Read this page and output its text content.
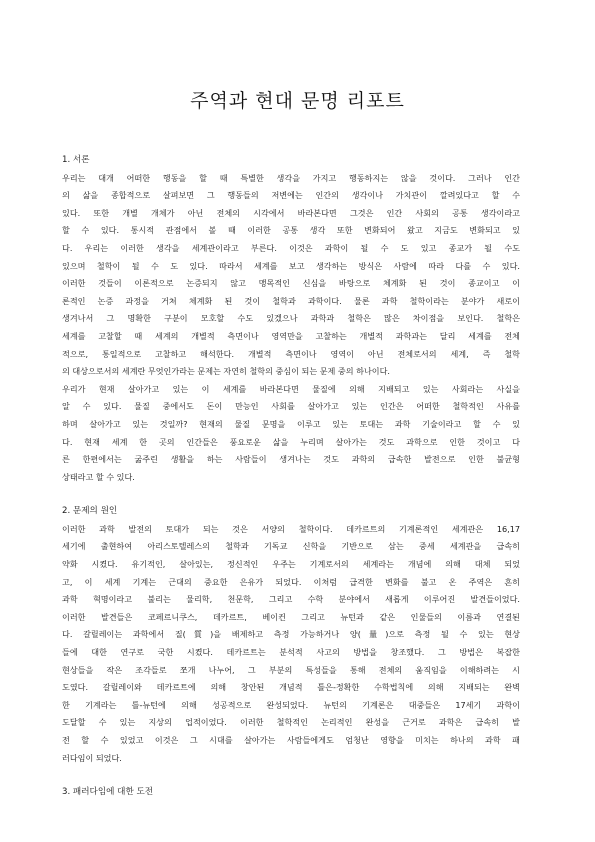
주역과 현대 문명 리포트
1. 서론
우리는 대개 어떠한 행동을 할 때 특별한 생각을 가지고 행동하지는 않을 것이다. 그러나 인간
의 삶을 종합적으로 살펴보면 그 행동들의 저변에는 인간의 생각이나 가치관이 깔려있다고 할 수
있다. 또한 개별 개체가 아닌 전체의 시각에서 바라본다면 그것은 인간 사회의 공통 생각이라고
할 수 있다. 통시적 관점에서 볼 때 이러한 공통 생각 또한 변화되어 왔고 지금도 변화되고 있
다. 우리는 이러한 생각을 세계관이라고 부른다. 이것은 과학이 될 수 도 있고 종교가 될 수도
있으며 철학이 될 수 도 있다. 따라서 세계를 보고 생각하는 방식은 사람에 따라 다를 수 있다.
이러한 것들이 이론적으로 논증되지 않고 맹목적인 신심을 바탕으로 체계화 된 것이 종교이고 이
론적인 논증 과정을 거쳐 체계화 된 것이 철학과 과학이다. 물론 과학 철학이라는 분야가 새로이
생겨나서 그 명확한 구분이 모호할 수도 있겠으나 과학과 철학은 많은 차이점을 보인다. 철학은
세계를 고찰할 때 세계의 개별적 측면이나 영역만을 고찰하는 개별적 과학과는 달리 세계를 전체
적으로, 통일적으로 고찰하고 해석한다. 개별적 측면이나 영역이 아닌 전체로서의 세계, 즉 철학
의 대상으로서의 세계란 무엇인가라는 문제는 자연히 철학의 중심이 되는 문제 중의 하나이다.
우리가 현재 살아가고 있는 이 세계를 바라본다면 물질에 의해 지배되고 있는 사회라는 사실을
알 수 있다. 물질 중에서도 돈이 만능인 사회를 살아가고 있는 인간은 어떠한 철학적인 사유를
하며 살아가고 있는 것일까? 현재의 물질 문명을 이루고 있는 토대는 과학 기술이라고 할 수 있
다. 현재 세계 한 곳의 인간들은 풍요로운 삶을 누리며 살아가는 것도 과학으로 인한 것이고 다
른 한편에서는 굶주린 생활을 하는 사람들이 생겨나는 것도 과학의 급속한 발전으로 인한 불균형
상태라고 할 수 있다.
2. 문제의 원인
이러한 과학 발전의 토대가 되는 것은 서양의 철학이다. 데카르트의 기계론적인 세계관은 16,17
세기에 출현하여 아리스토텔레스의 철학과 기독교 신학을 기반으로 삼는 중세 세계관을 급속히
약화 시켰다. 유기적인, 살아있는, 정신적인 우주는 기계로서의 세계라는 개념에 의해 대체 되었
고, 이 세계 기계는 근대의 중요한 은유가 되었다. 이처럼 급격한 변화를 불고 온 주역은 흔히
과학 혁명이라고 불리는 물리학, 천문학, 그리고 수학 분야에서 새롭게 이루어진 발견들이었다.
이러한 발견들은 코페르니쿠스, 데카르트, 베이컨 그리고 뉴턴과 같은 인물들의 이름과 연결된
다. 갈릴레이는 과학에서 질(質)을 배제하고 측정 가능하거나 양(量)으로 측정 될 수 있는 현상
들에 대한 연구로 국한 시켰다. 데카르트는 분석적 사고의 방법을 창조했다. 그 방법은 복잡한
현상들을 작은 조각들로 쪼개 나누어, 그 부분의 특성들을 통해 전체의 움직임을 이해하려는 시
도였다. 갈릴레이와 데카르트에 의해 창안된 개념적 틀은-정확한 수학법칙에 의해 지배되는 완벽
한 기계라는 틀-뉴턴에 의해 성공적으로 완성되었다. 뉴턴의 기계론은 대중들은 17세기 과학이
도달할 수 있는 지상의 업적이었다. 이러한 철학적인 논리적인 완성을 근거로 과학은 급속히 발
전 할 수 있었고 이것은 그 시대를 살아가는 사람들에게도 엄청난 영향을 미치는 하나의 과학 패
러다임이 되었다.
3. 패러다임에 대한 도전
